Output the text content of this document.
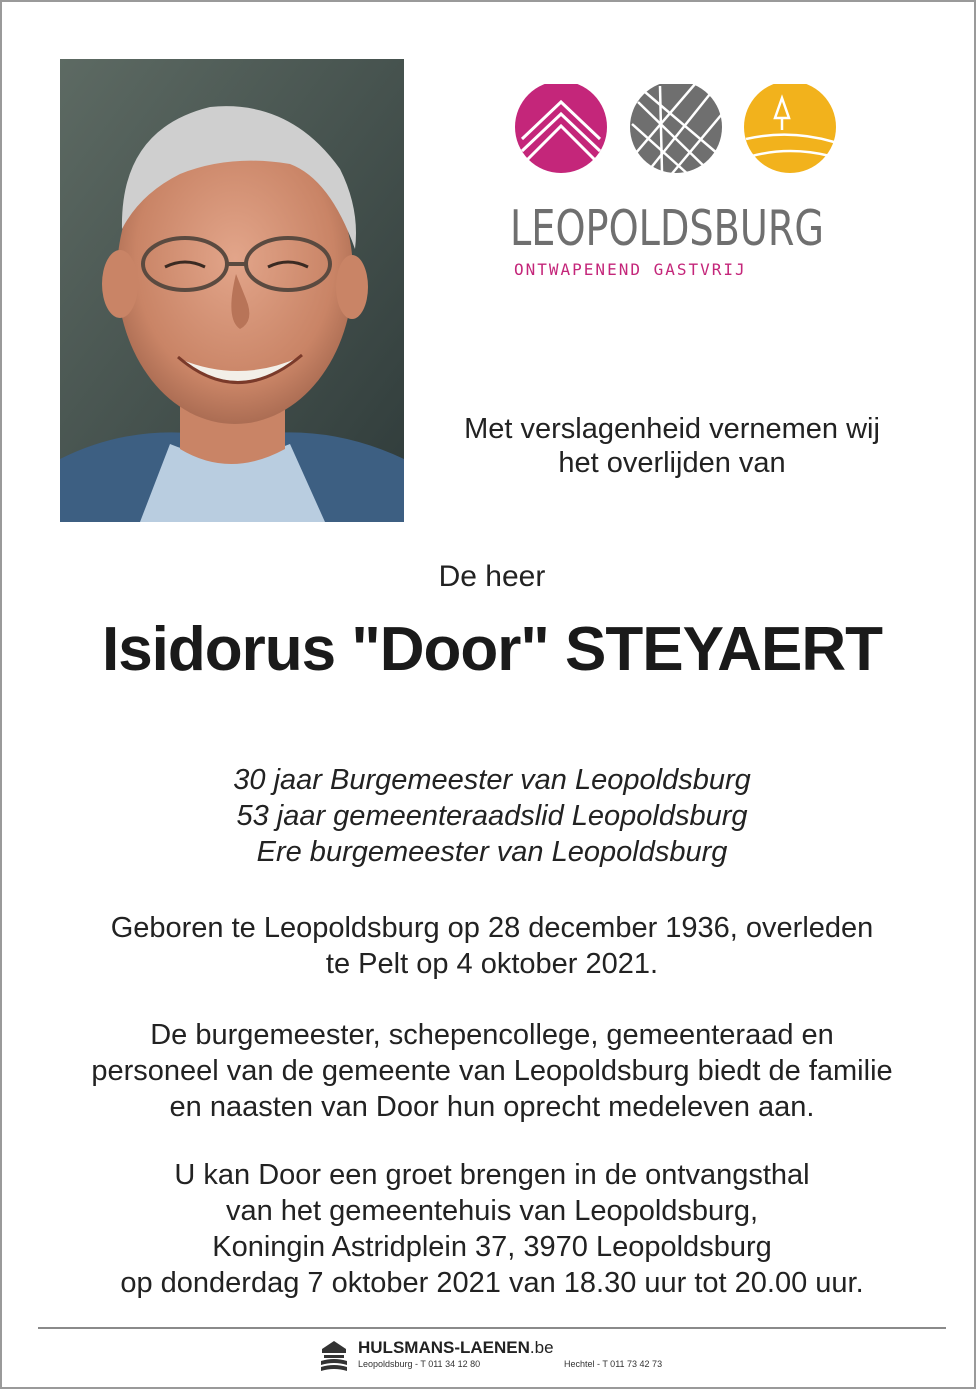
LEOPOLDSBURG
ONTWAPENEND GASTVRIJ
Met verslagenheid vernemen wij
het overlijden van
De heer
Isidorus "Door" STEYAERT
30 jaar Burgemeester van Leopoldsburg
53 jaar gemeenteraadslid Leopoldsburg
Ere burgemeester van Leopoldsburg
Geboren te Leopoldsburg op 28 december 1936, overleden
te Pelt op 4 oktober 2021.
De burgemeester, schepencollege, gemeenteraad en
personeel van de gemeente van Leopoldsburg biedt de familie
en naasten van Door hun oprecht medeleven aan.
U kan Door een groet brengen in de ontvangsthal
van het gemeentehuis van Leopoldsburg,
Koningin Astridplein 37, 3970 Leopoldsburg
op donderdag 7 oktober 2021 van 18.30 uur tot 20.00 uur.
HULSMANS-LAENEN.be
Leopoldsburg - T 011 34 12 80	Hechtel - T 011 73 42 73
